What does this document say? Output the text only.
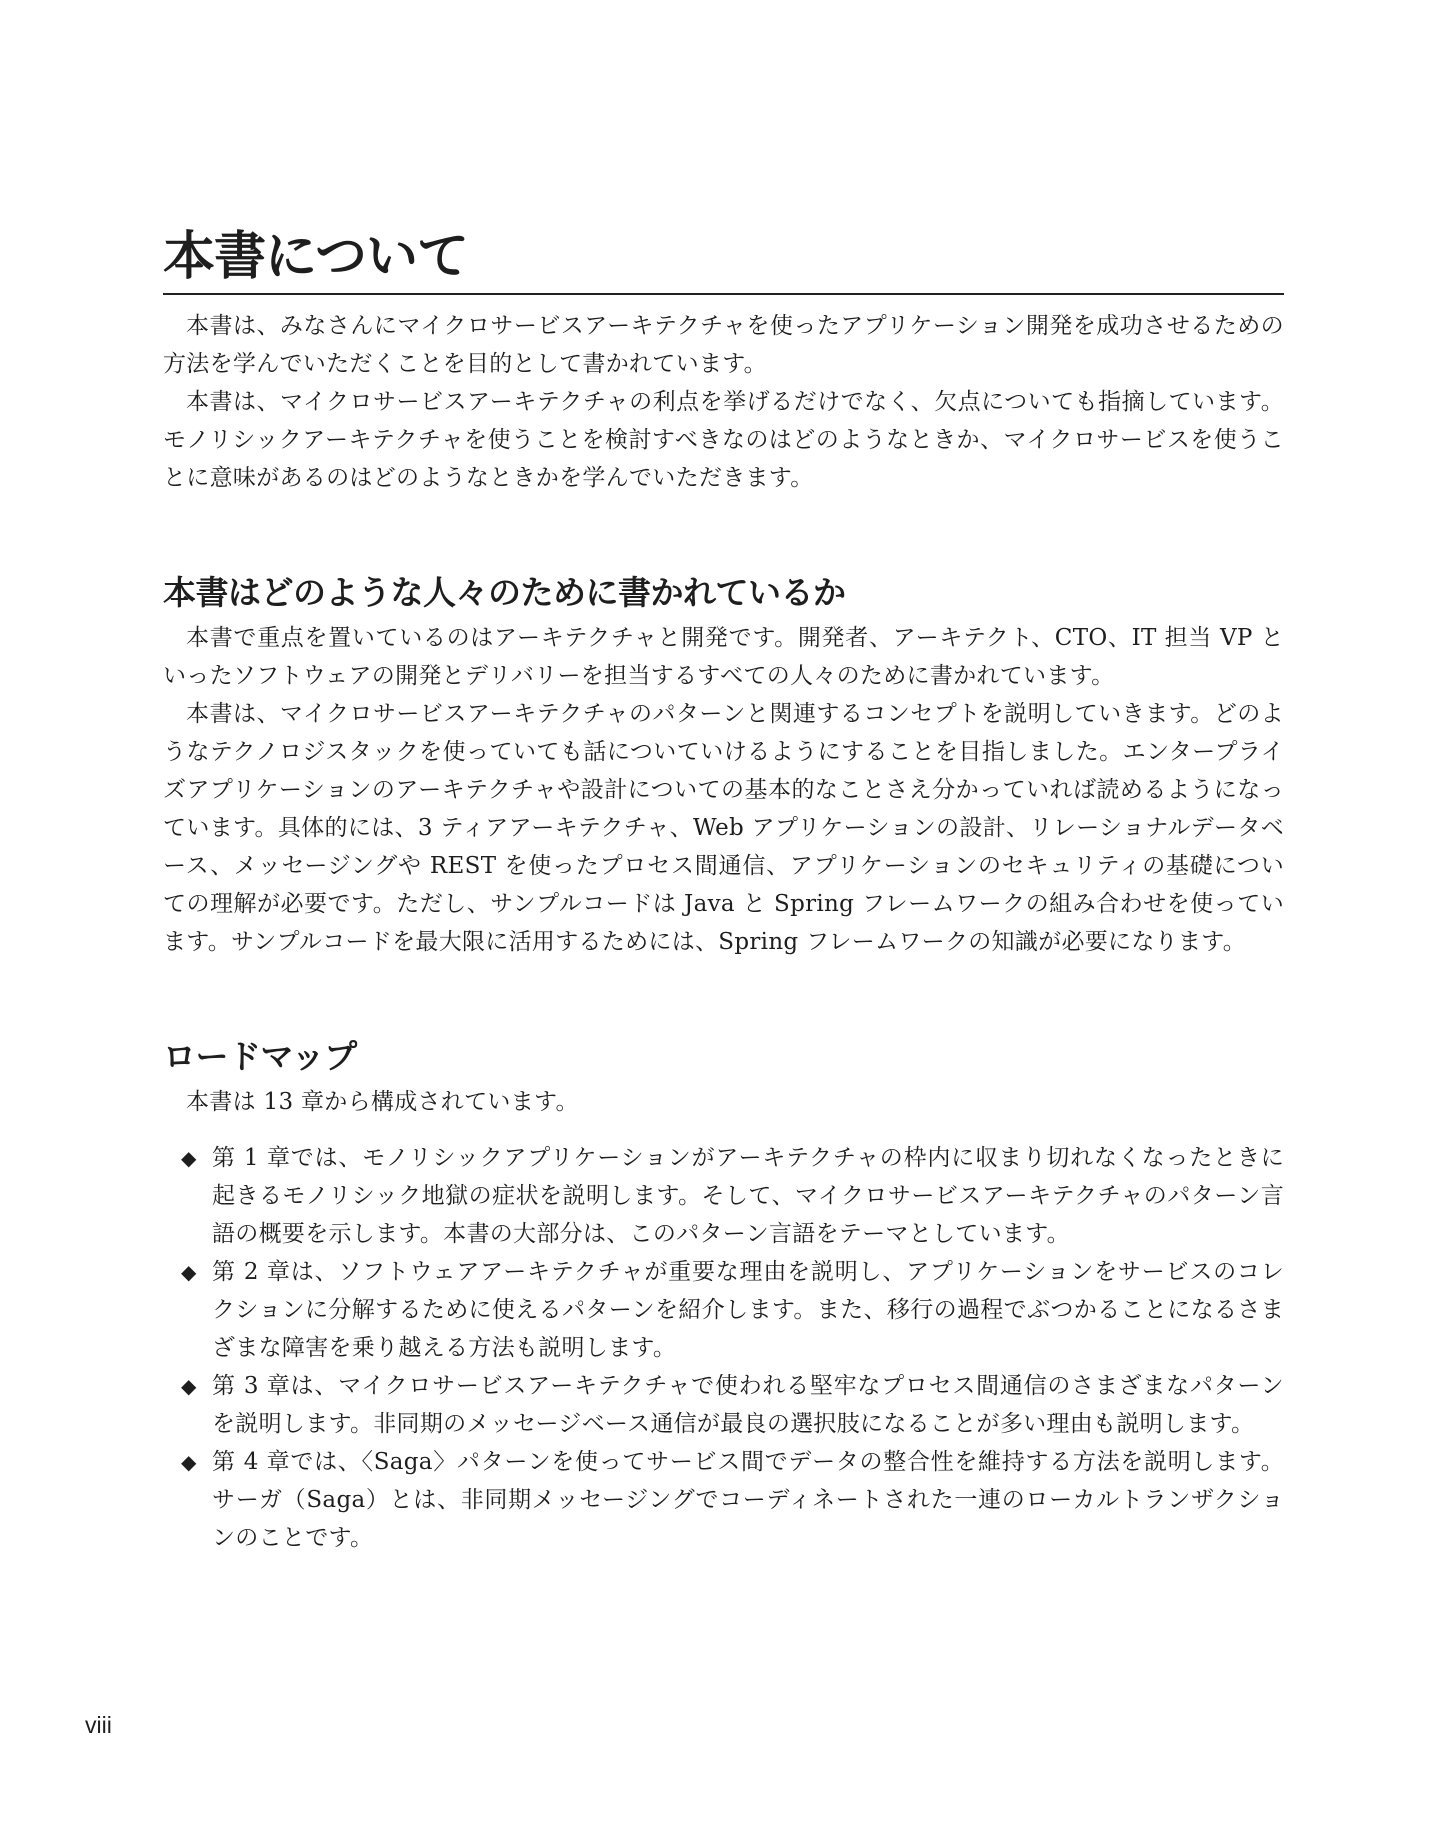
本書について

本書は、みなさんにマイクロサービスアーキテクチャを使ったアプリケーション開発を成功させるための方法を学んでいただくことを目的として書かれています。

本書は、マイクロサービスアーキテクチャの利点を挙げるだけでなく、欠点についても指摘しています。モノリシックアーキテクチャを使うことを検討すべきなのはどのようなときか、マイクロサービスを使うことに意味があるのはどのようなときかを学んでいただきます。

本書はどのような人々のために書かれているか

本書で重点を置いているのはアーキテクチャと開発です。開発者、アーキテクト、CTO、IT 担当 VP といったソフトウェアの開発とデリバリーを担当するすべての人々のために書かれています。

本書は、マイクロサービスアーキテクチャのパターンと関連するコンセプトを説明していきます。どのようなテクノロジスタックを使っていても話についていけるようにすることを目指しました。エンタープライズアプリケーションのアーキテクチャや設計についての基本的なことさえ分かっていれば読めるようになっています。具体的には、3 ティアアーキテクチャ、Web アプリケーションの設計、リレーショナルデータベース、メッセージングや REST を使ったプロセス間通信、アプリケーションのセキュリティの基礎についての理解が必要です。ただし、サンプルコードは Java と Spring フレームワークの組み合わせを使っています。サンプルコードを最大限に活用するためには、Spring フレームワークの知識が必要になります。

ロードマップ

本書は 13 章から構成されています。

◆ 第 1 章では、モノリシックアプリケーションがアーキテクチャの枠内に収まり切れなくなったときに起きるモノリシック地獄の症状を説明します。そして、マイクロサービスアーキテクチャのパターン言語の概要を示します。本書の大部分は、このパターン言語をテーマとしています。
◆ 第 2 章は、ソフトウェアアーキテクチャが重要な理由を説明し、アプリケーションをサービスのコレクションに分解するために使えるパターンを紹介します。また、移行の過程でぶつかることになるさまざまな障害を乗り越える方法も説明します。
◆ 第 3 章は、マイクロサービスアーキテクチャで使われる堅牢なプロセス間通信のさまざまなパターンを説明します。非同期のメッセージベース通信が最良の選択肢になることが多い理由も説明します。
◆ 第 4 章では、〈Saga〉パターンを使ってサービス間でデータの整合性を維持する方法を説明します。サーガ（Saga）とは、非同期メッセージングでコーディネートされた一連のローカルトランザクションのことです。
viii
